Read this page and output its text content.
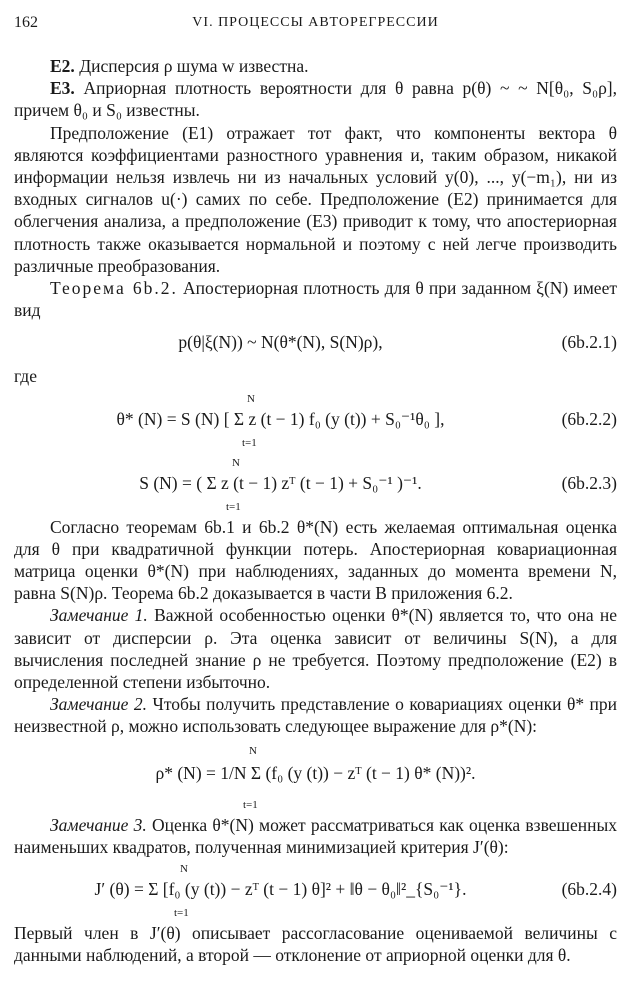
162	VI. ПРОЦЕССЫ АВТОРЕГРЕССИИ

E2. Дисперсия ρ шума w известна.

E3. Априорная плотность вероятности для θ равна p(θ) ~ ~ N[θ₀, S₀ρ], причем θ₀ и S₀ известны.

Предположение (E1) отражает тот факт, что компоненты вектора θ являются коэффициентами разностного уравнения и, таким образом, никакой информации нельзя извлечь ни из начальных условий y(0), ..., y(−m₁), ни из входных сигналов u(·) самих по себе. Предположение (E2) принимается для облегчения анализа, а предположение (E3) приводит к тому, что апостериорная плотность также оказывается нормальной и поэтому с ней легче производить различные преобразования.

Теорема 6b.2. Апостериорная плотность для θ при заданном ξ(N) имеет вид

p(θ|ξ(N)) ~ N(θ*(N), S(N)ρ),	(6b.2.1)

где

θ* (N) = S (N) [ Σ z (t − 1) f₀ (y (t)) + S₀⁻¹θ₀ ],	(6b.2.2)
N
t=1
S (N) = ( Σ z (t − 1) zᵀ (t − 1) + S₀⁻¹ )⁻¹.	(6b.2.3)
N
t=1

Согласно теоремам 6b.1 и 6b.2 θ*(N) есть желаемая оптимальная оценка для θ при квадратичной функции потерь. Апостериорная ковариационная матрица оценки θ*(N) при наблюдениях, заданных до момента времени N, равна S(N)ρ. Теорема 6b.2 доказывается в части В приложения 6.2.

Замечание 1. Важной особенностью оценки θ*(N) является то, что она не зависит от дисперсии ρ. Эта оценка зависит от величины S(N), а для вычисления последней знание ρ не требуется. Поэтому предположение (E2) в определенной степени избыточно.

Замечание 2. Чтобы получить представление о ковариациях оценки θ* при неизвестной ρ, можно использовать следующее выражение для ρ*(N):

ρ* (N) = 1/N Σ (f₀ (y (t)) − zᵀ (t − 1) θ* (N))².
N
t=1

Замечание 3. Оценка θ*(N) может рассматриваться как оценка взвешенных наименьших квадратов, полученная минимизацией критерия J′(θ):

J′ (θ) = Σ [f₀ (y (t)) − zᵀ (t − 1) θ]² + ‖θ − θ₀‖²_{S₀⁻¹}.	(6b.2.4)
N
t=1

Первый член в J′(θ) описывает рассогласование оцениваемой величины с данными наблюдений, а второй — отклонение от априорной оценки для θ.
